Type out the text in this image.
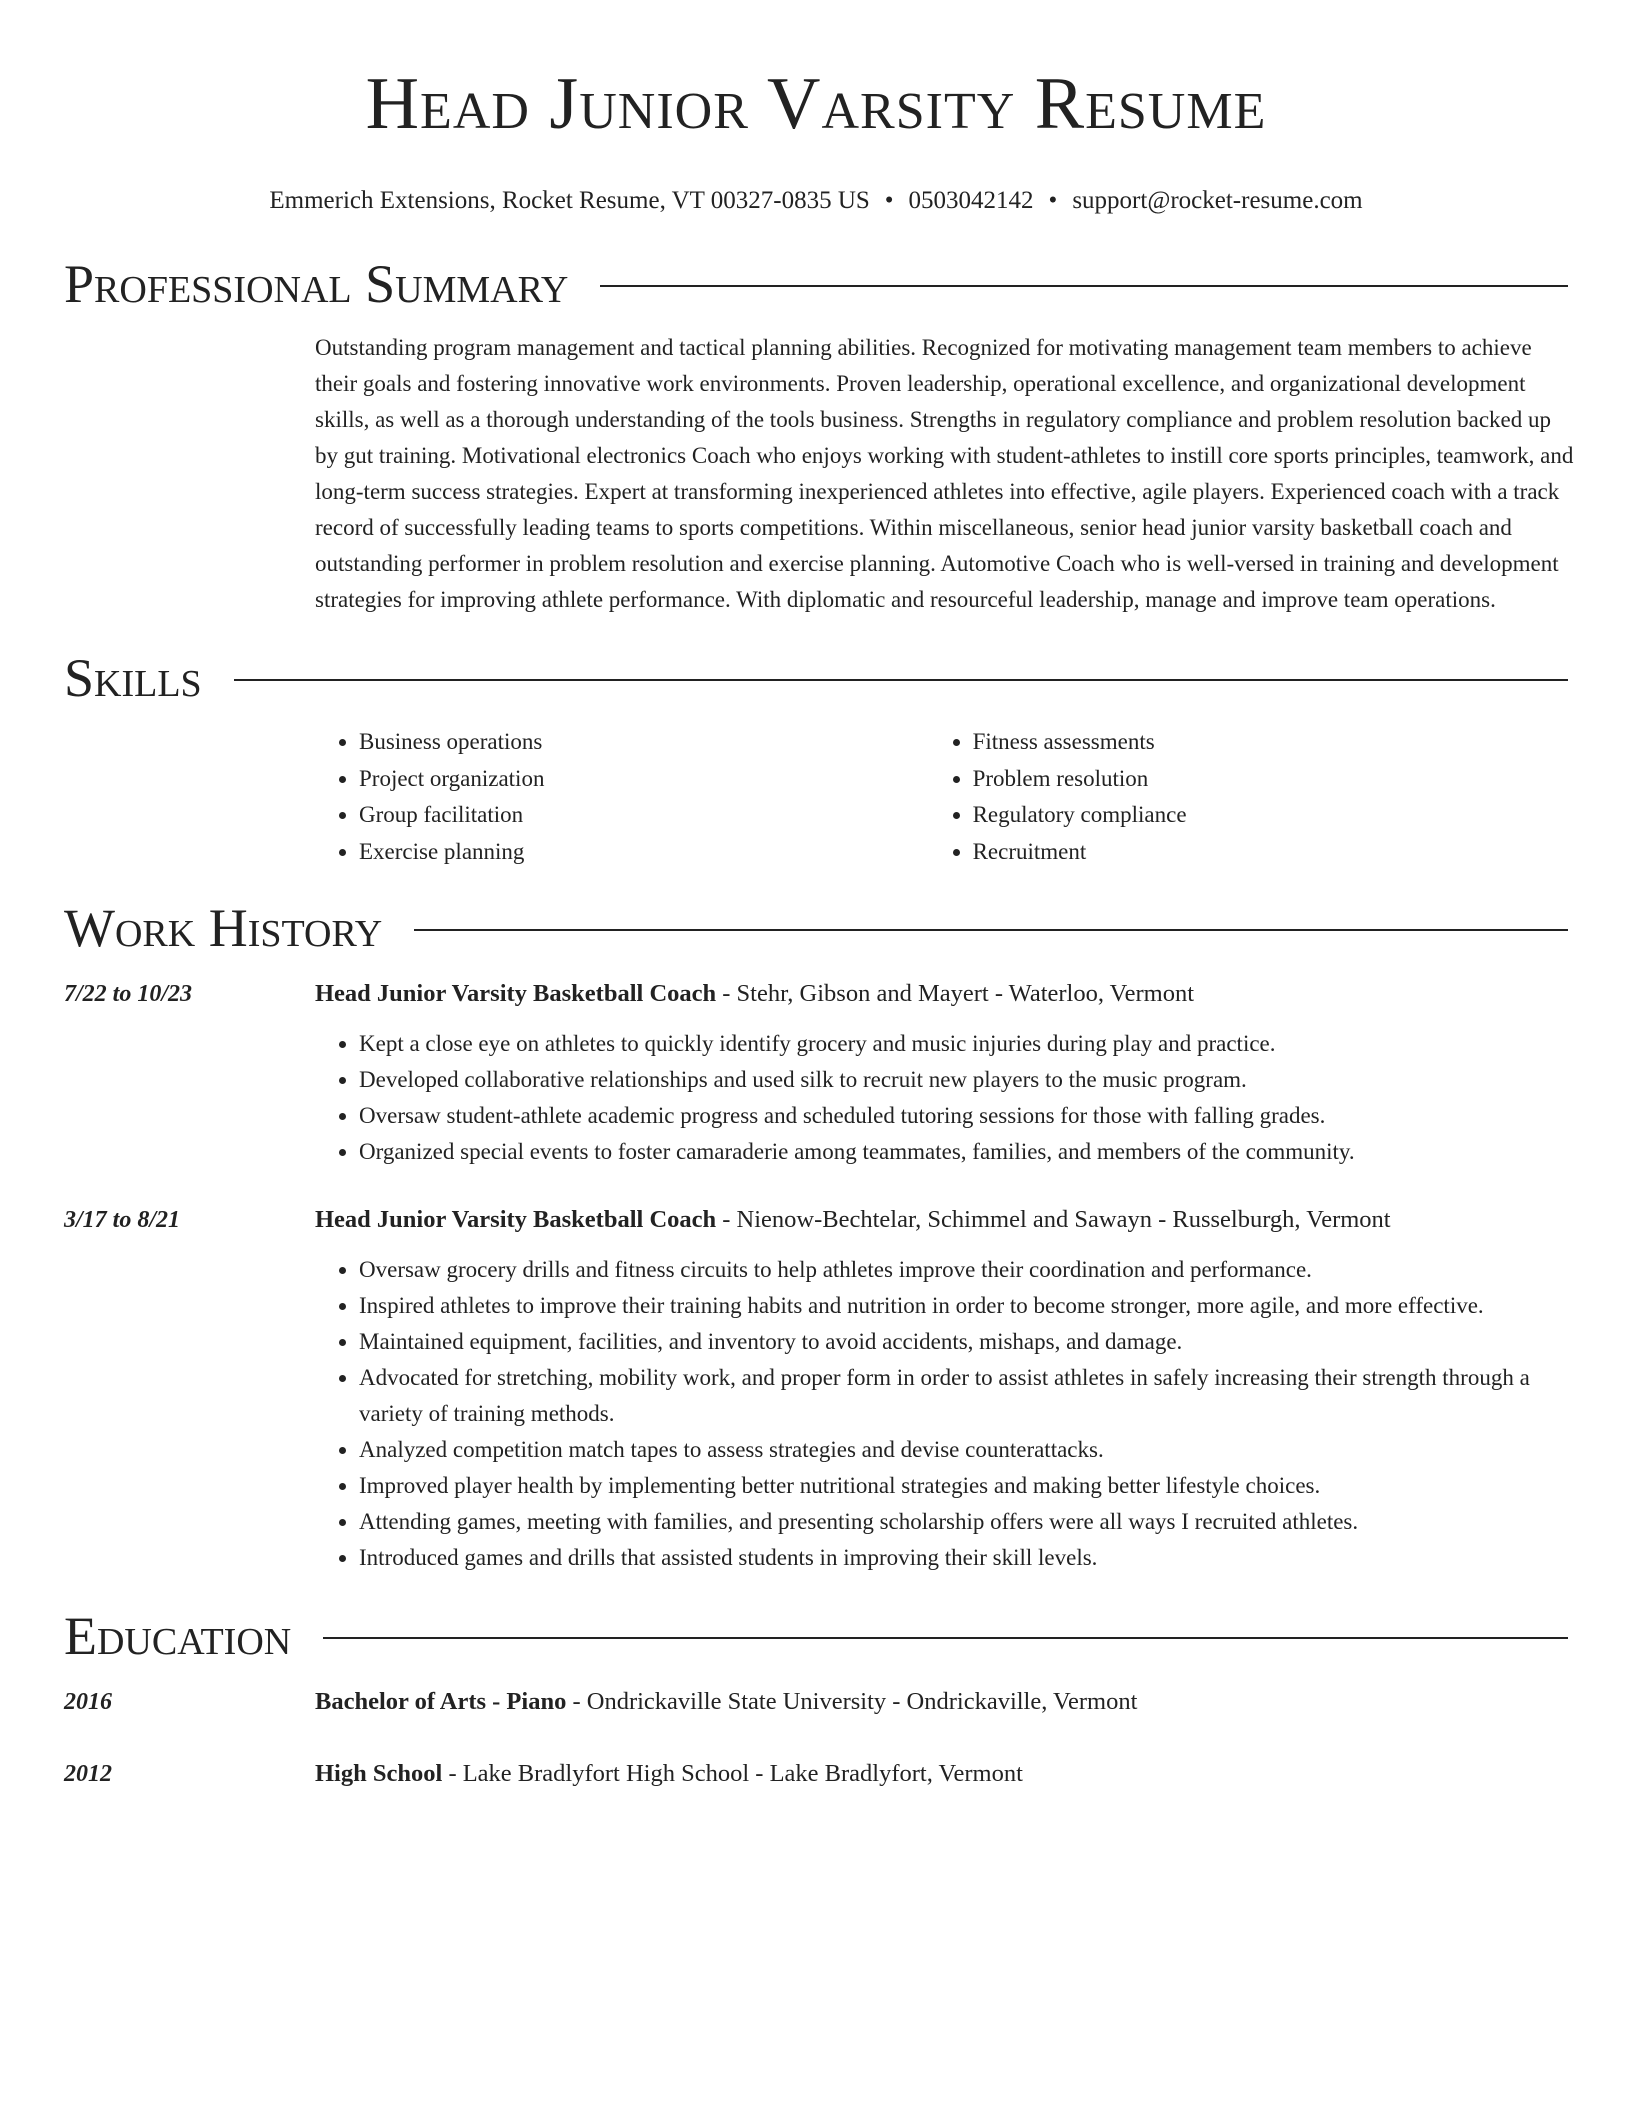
Head Junior Varsity Resume
Emmerich Extensions, Rocket Resume, VT 00327-0835 US • 0503042142 • support@rocket-resume.com
Professional Summary

Outstanding program management and tactical planning abilities. Recognized for motivating management team members to achieve their goals and fostering innovative work environments. Proven leadership, operational excellence, and organizational development skills, as well as a thorough understanding of the tools business. Strengths in regulatory compliance and problem resolution backed up by gut training. Motivational electronics Coach who enjoys working with student-athletes to instill core sports principles, teamwork, and long-term success strategies. Expert at transforming inexperienced athletes into effective, agile players. Experienced coach with a track record of successfully leading teams to sports competitions. Within miscellaneous, senior head junior varsity basketball coach and outstanding performer in problem resolution and exercise planning. Automotive Coach who is well-versed in training and development strategies for improving athlete performance. With diplomatic and resourceful leadership, manage and improve team operations.

Skills
• Business operations
• Project organization
• Group facilitation
• Exercise planning
• Fitness assessments
• Problem resolution
• Regulatory compliance
• Recruitment
Work History
7/22 to 10/23	Head Junior Varsity Basketball Coach - Stehr, Gibson and Mayert - Waterloo, Vermont
• Kept a close eye on athletes to quickly identify grocery and music injuries during play and practice.
• Developed collaborative relationships and used silk to recruit new players to the music program.
• Oversaw student-athlete academic progress and scheduled tutoring sessions for those with falling grades.
• Organized special events to foster camaraderie among teammates, families, and members of the community.
3/17 to 8/21	Head Junior Varsity Basketball Coach - Nienow-Bechtelar, Schimmel and Sawayn - Russelburgh, Vermont
• Oversaw grocery drills and fitness circuits to help athletes improve their coordination and performance.
• Inspired athletes to improve their training habits and nutrition in order to become stronger, more agile, and more effective.
• Maintained equipment, facilities, and inventory to avoid accidents, mishaps, and damage.
• Advocated for stretching, mobility work, and proper form in order to assist athletes in safely increasing their strength through a variety of training methods.
• Analyzed competition match tapes to assess strategies and devise counterattacks.
• Improved player health by implementing better nutritional strategies and making better lifestyle choices.
• Attending games, meeting with families, and presenting scholarship offers were all ways I recruited athletes.
• Introduced games and drills that assisted students in improving their skill levels.
Education
2016	Bachelor of Arts - Piano - Ondrickaville State University - Ondrickaville, Vermont
2012	High School - Lake Bradlyfort High School - Lake Bradlyfort, Vermont
